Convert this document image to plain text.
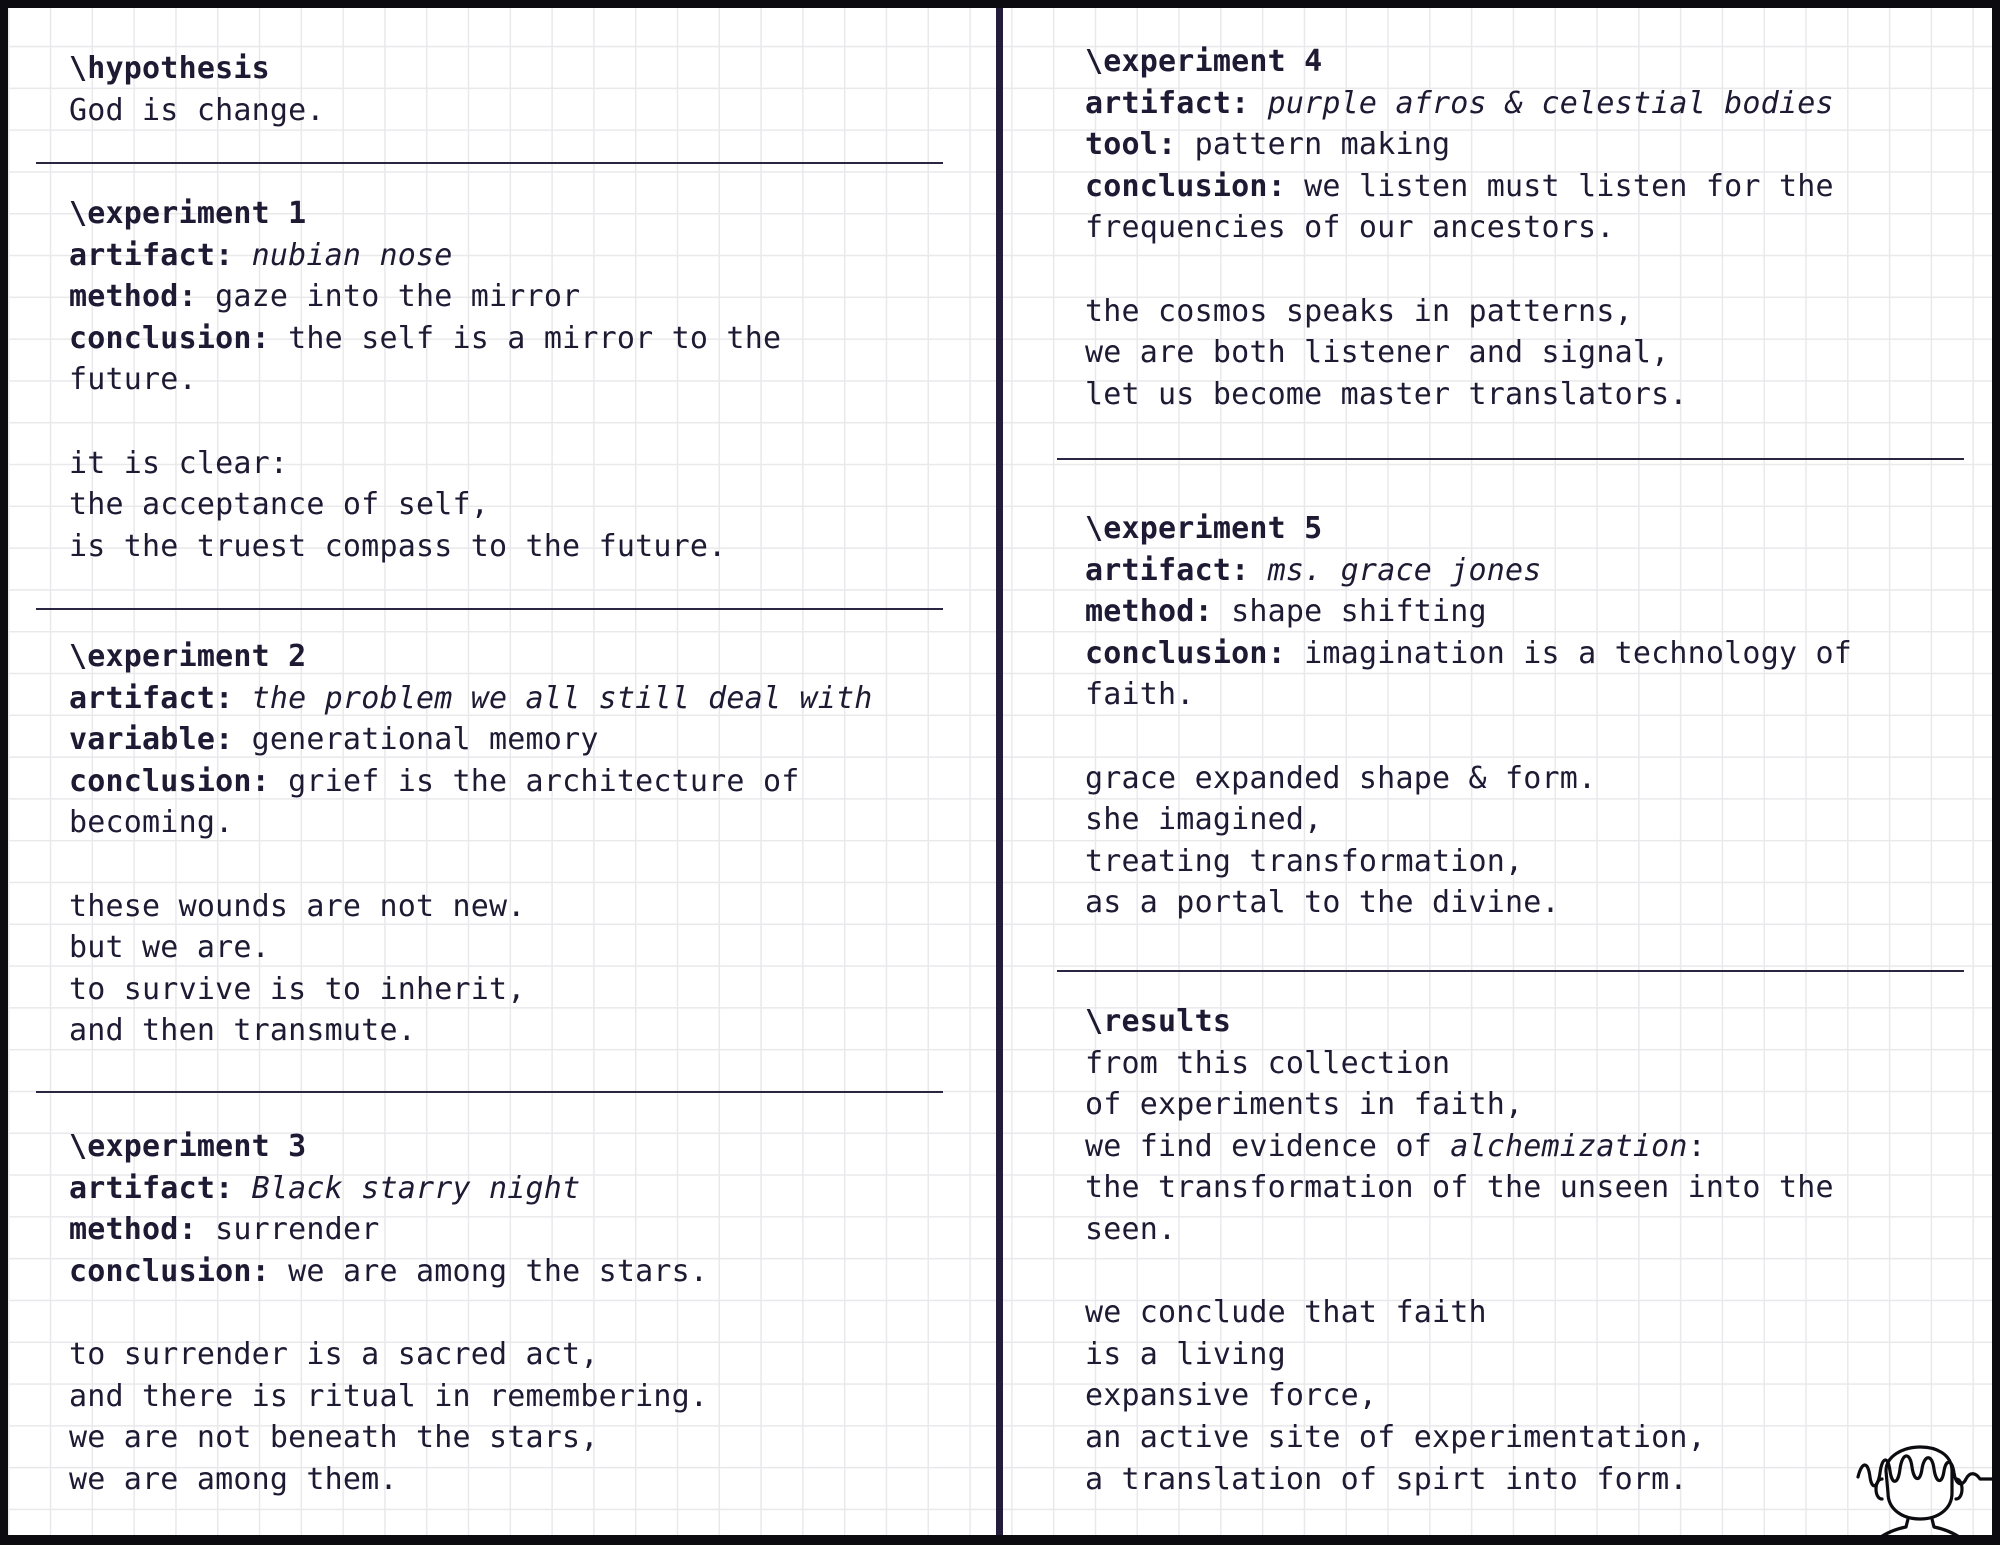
\hypothesis
God is change.
\experiment 1
artifact: nubian nose
method: gaze into the mirror
conclusion: the self is a mirror to the
future.
it is clear:
the acceptance of self,
is the truest compass to the future.
\experiment 2
artifact: the problem we all still deal with
variable: generational memory
conclusion: grief is the architecture of
becoming.
these wounds are not new.
but we are.
to survive is to inherit,
and then transmute.
\experiment 3
artifact: Black starry night
method: surrender
conclusion: we are among the stars.
to surrender is a sacred act,
and there is ritual in remembering.
we are not beneath the stars,
we are among them.
\experiment 4
artifact: purple afros & celestial bodies
tool: pattern making
conclusion: we listen must listen for the
frequencies of our ancestors.
the cosmos speaks in patterns,
we are both listener and signal,
let us become master translators.
\experiment 5
artifact: ms. grace jones
method: shape shifting
conclusion: imagination is a technology of
faith.
grace expanded shape & form.
she imagined,
treating transformation,
as a portal to the divine.
\results
from this collection
of experiments in faith,
we find evidence of alchemization:
the transformation of the unseen into the
seen.
we conclude that faith
is a living
expansive force,
an active site of experimentation,
a translation of spirt into form.
